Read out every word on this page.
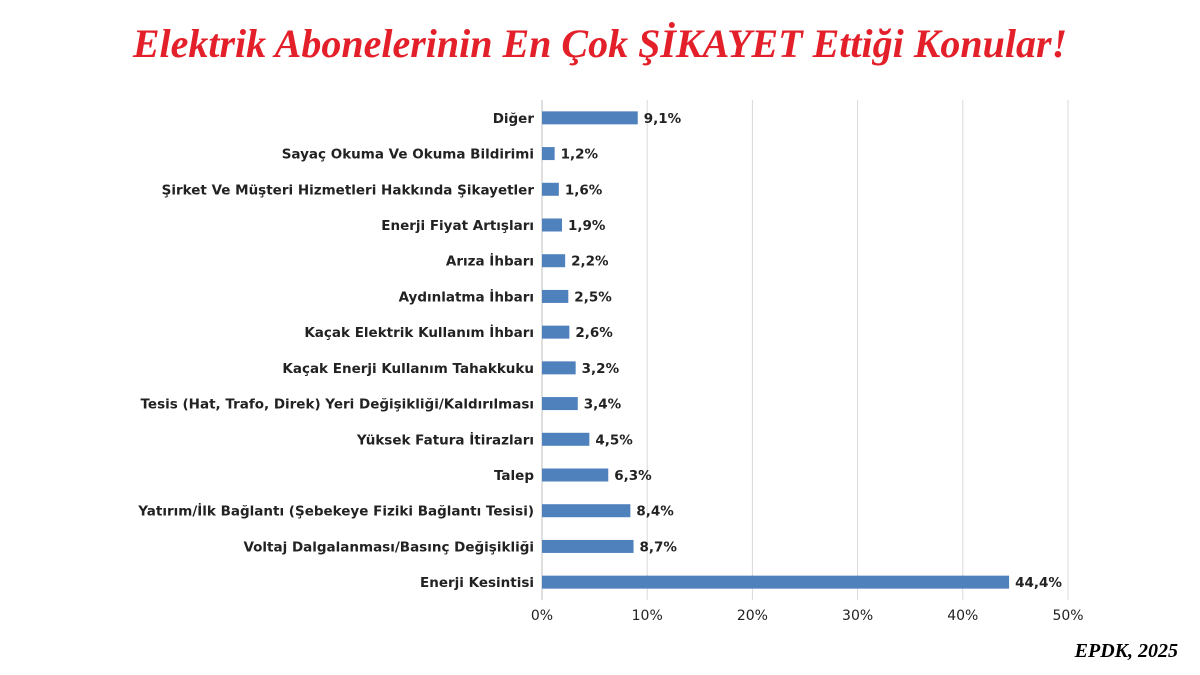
Elektrik Abonelerinin En Çok ŞİKAYET Ettiği Konular!
Diğer
Sayaç Okuma Ve Okuma Bildirimi
Şirket Ve Müşteri Hizmetleri Hakkında Şikayetler
Enerji Fiyat Artışları
Arıza İhbarı
Aydınlatma İhbarı
Kaçak Elektrik Kullanım İhbarı
Kaçak Enerji Kullanım Tahakkuku
Tesis (Hat, Trafo, Direk) Yeri Değişikliği/Kaldırılması
Yüksek Fatura İtirazları
Talep
Yatırım/İlk Bağlantı (Şebekeye Fiziki Bağlantı Tesisi)
Voltaj Dalgalanması/Basınç Değişikliği
Enerji Kesintisi
9,1%
1,2%
1,6%
1,9%
2,2%
2,5%
2,6%
3,2%
3,4%
4,5%
6,3%
8,4%
8,7%
44,4%
0%	10%	20%	30%	40%	50%
EPDK, 2025
